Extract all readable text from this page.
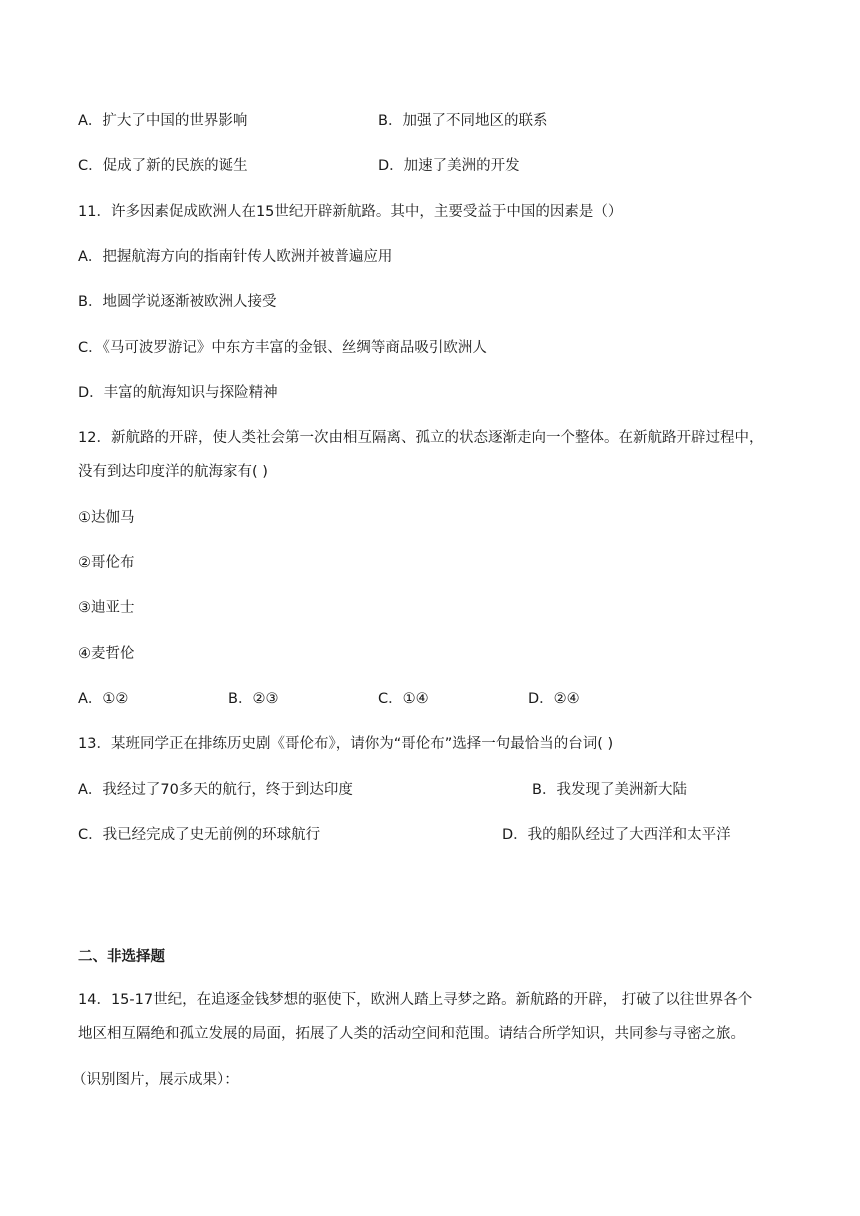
A．扩大了中国的世界影响	B．加强了不同地区的联系
C．促成了新的民族的诞生	D．加速了美洲的开发
11．许多因素促成欧洲人在15世纪开辟新航路。其中，主要受益于中国的因素是（）
A．把握航海方向的指南针传人欧洲并被普遍应用
B．地圆学说逐渐被欧洲人接受
C．《马可波罗游记》中东方丰富的金银、丝绸等商品吸引欧洲人
D．丰富的航海知识与探险精神
12．新航路的开辟，使人类社会第一次由相互隔离、孤立的状态逐渐走向一个整体。在新航路开辟过程中，
没有到达印度洋的航海家有( )
①达伽马
②哥伦布
③迪亚士
④麦哲伦
A．①②	B．②③	C．①④	D．②④
13．某班同学正在排练历史剧《哥伦布》，请你为“哥伦布”选择一句最恰当的台词( )
A．我经过了70多天的航行，终于到达印度	B．我发现了美洲新大陆
C．我已经完成了史无前例的环球航行	D．我的船队经过了大西洋和太平洋
二、非选择题
14．15-17世纪，在追逐金钱梦想的驱使下，欧洲人踏上寻梦之路。新航路的开辟， 打破了以往世界各个
地区相互隔绝和孤立发展的局面，拓展了人类的活动空间和范围。请结合所学知识，共同参与寻密之旅。
（识别图片，展示成果）：
